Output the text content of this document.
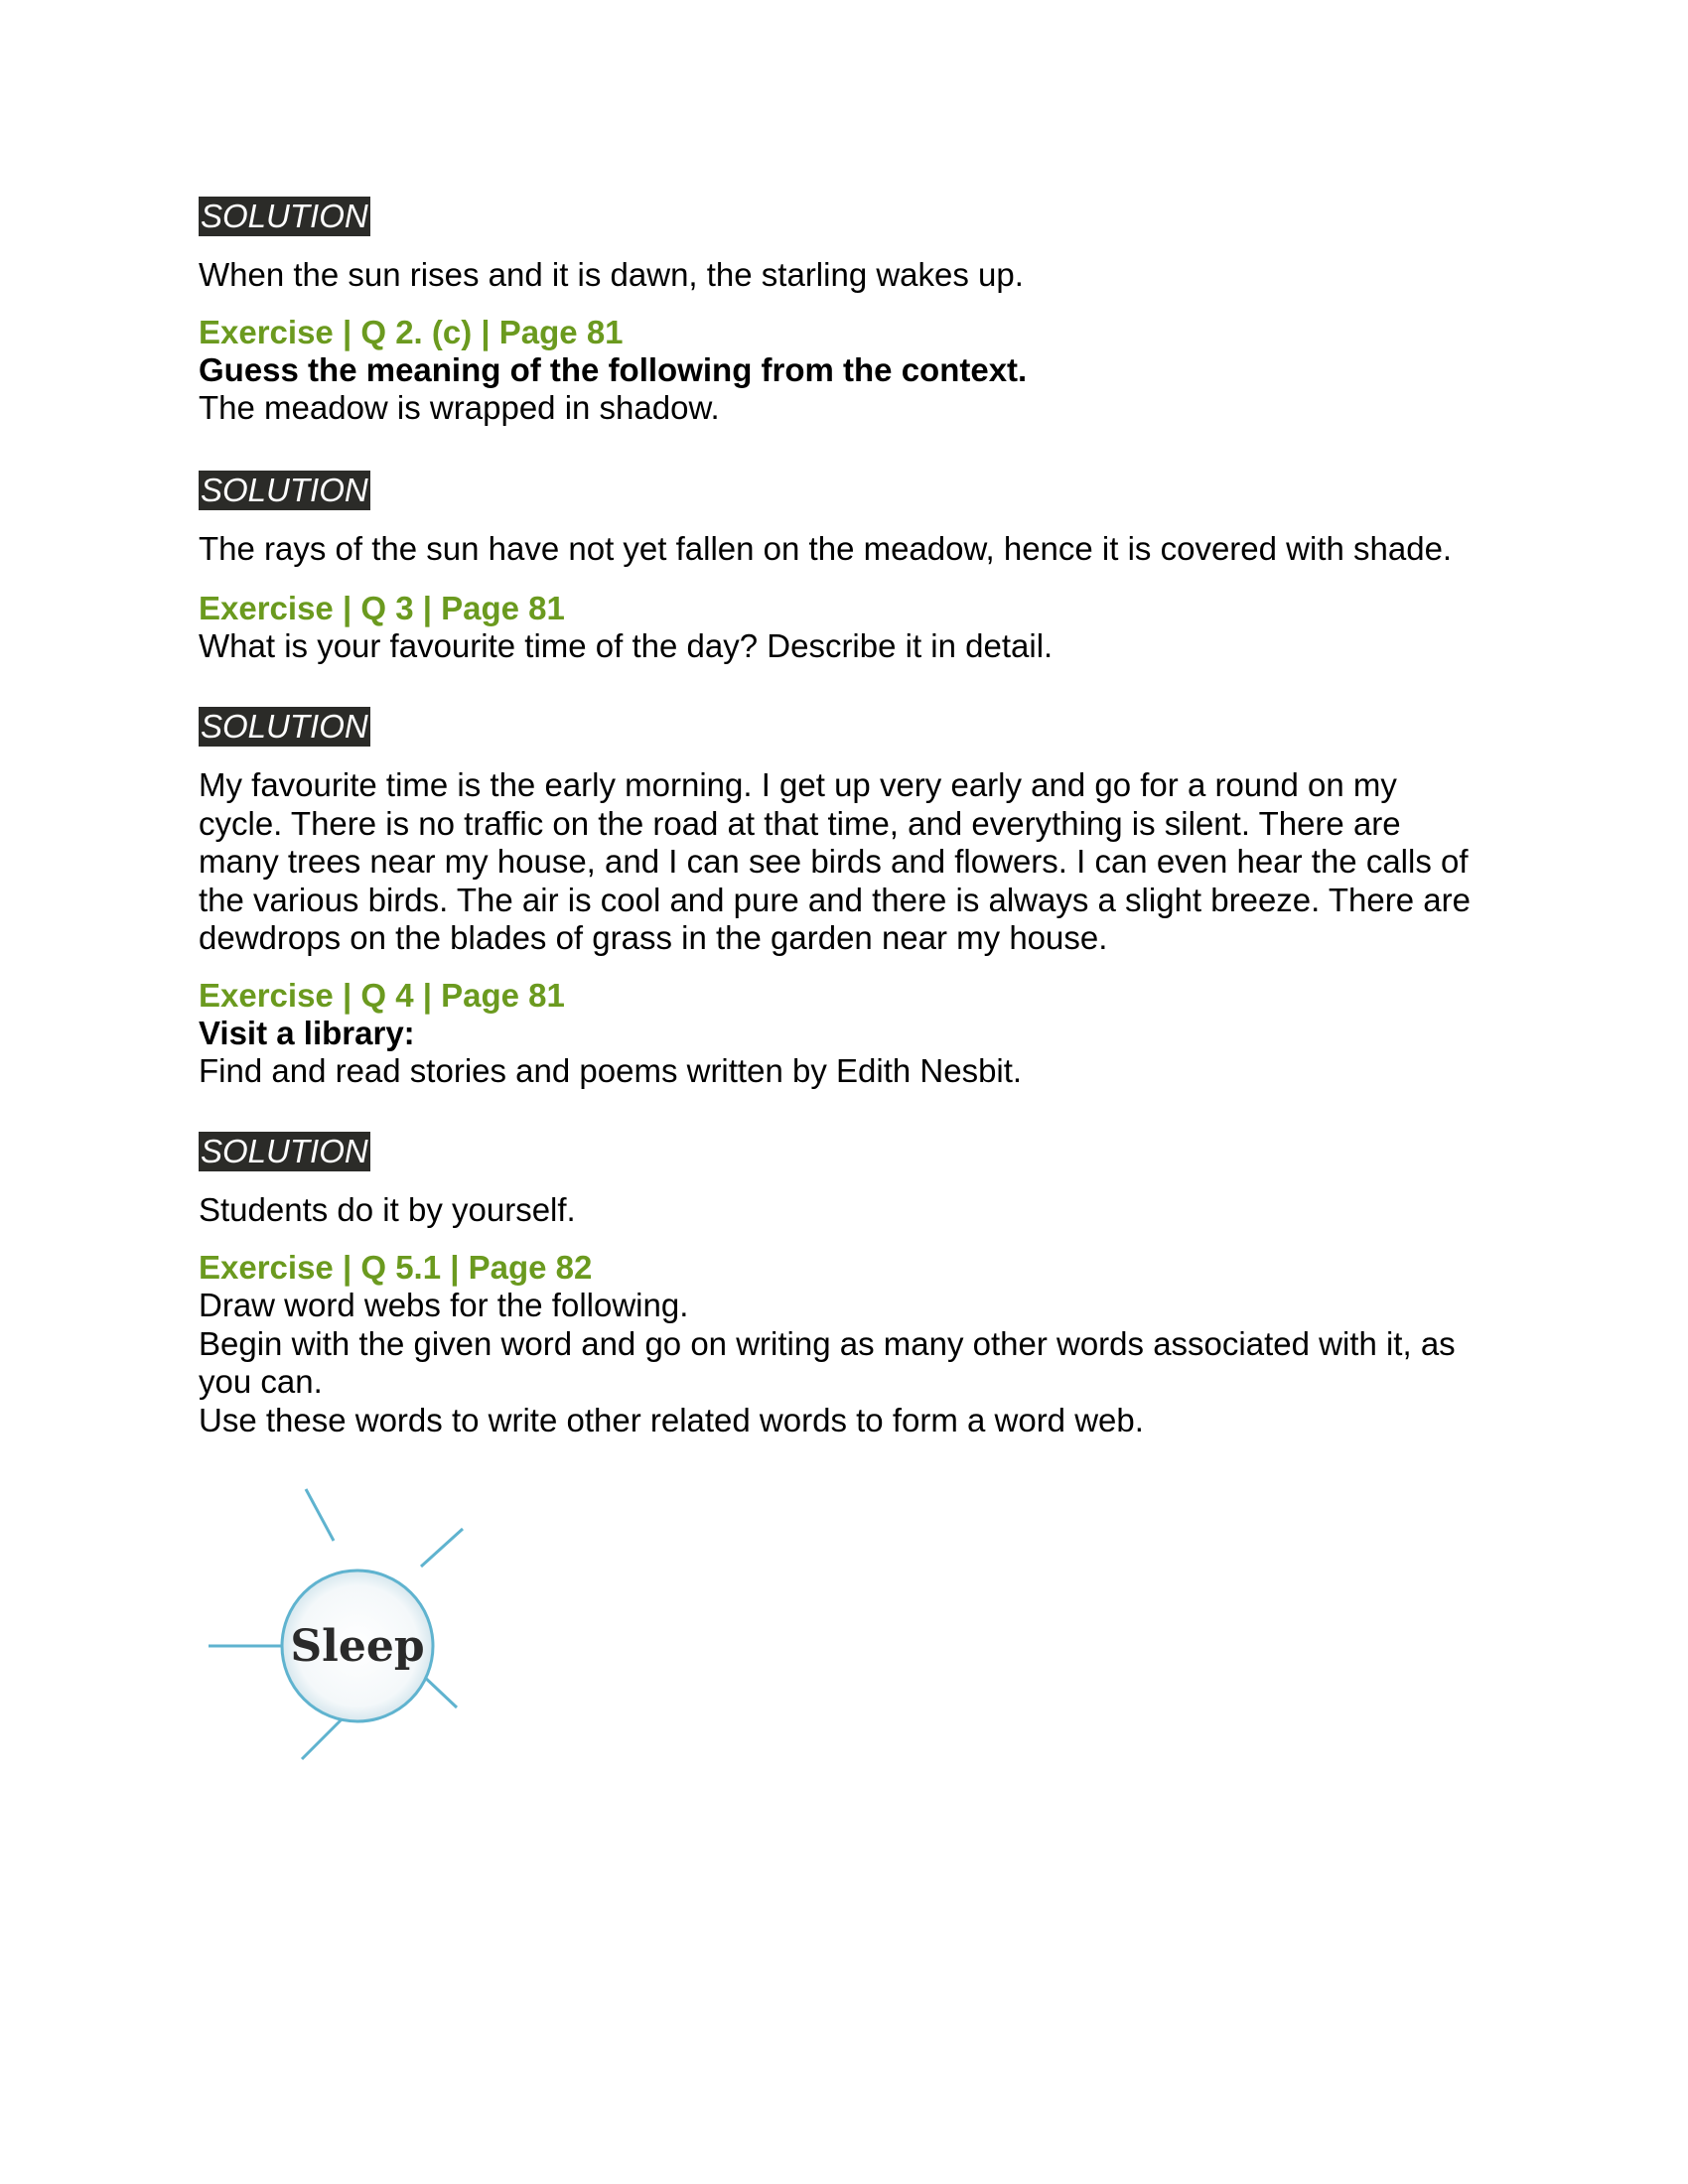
SOLUTION

When the sun rises and it is dawn, the starling wakes up.

Exercise | Q 2. (c) | Page 81

Guess the meaning of the following from the context.

The meadow is wrapped in shadow.

SOLUTION

The rays of the sun have not yet fallen on the meadow, hence it is covered with shade.

Exercise | Q 3 | Page 81

What is your favourite time of the day? Describe it in detail.

SOLUTION

My favourite time is the early morning. I get up very early and go for a round on my

cycle. There is no traffic on the road at that time, and everything is silent. There are

many trees near my house, and I can see birds and flowers. I can even hear the calls of

the various birds. The air is cool and pure and there is always a slight breeze. There are

dewdrops on the blades of grass in the garden near my house.

Exercise | Q 4 | Page 81

Visit a library:

Find and read stories and poems written by Edith Nesbit.

SOLUTION

Students do it by yourself.

Exercise | Q 5.1 | Page 82

Draw word webs for the following.

Begin with the given word and go on writing as many other words associated with it, as

you can.

Use these words to write other related words to form a word web.

Sleep
